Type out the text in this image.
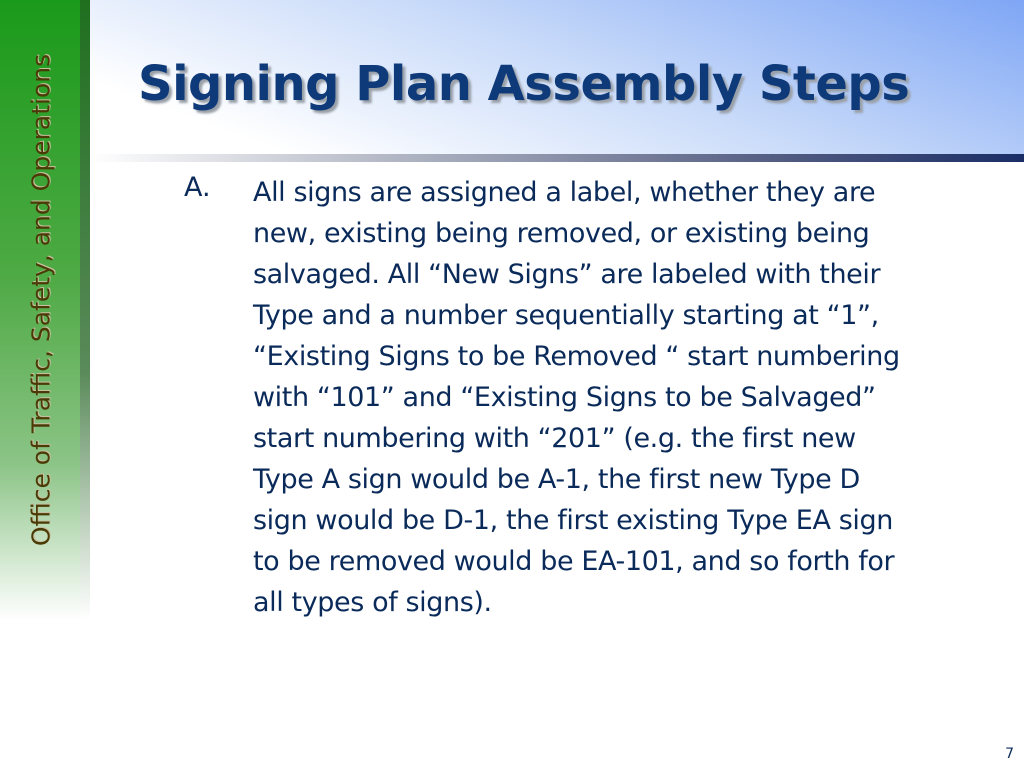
Office of Traffic, Safety, and Operations Signing Plan Assembly Steps
A. All signs are assigned a label, whether they are
new, existing being removed, or existing being
salvaged. All “New Signs” are labeled with their
Type and a number sequentially starting at “1”,
“Existing Signs to be Removed “ start numbering
with “101” and “Existing Signs to be Salvaged”
start numbering with “201” (e.g. the first new
Type A sign would be A-1, the first new Type D
sign would be D-1, the first existing Type EA sign
to be removed would be EA-101, and so forth for
all types of signs).
7
